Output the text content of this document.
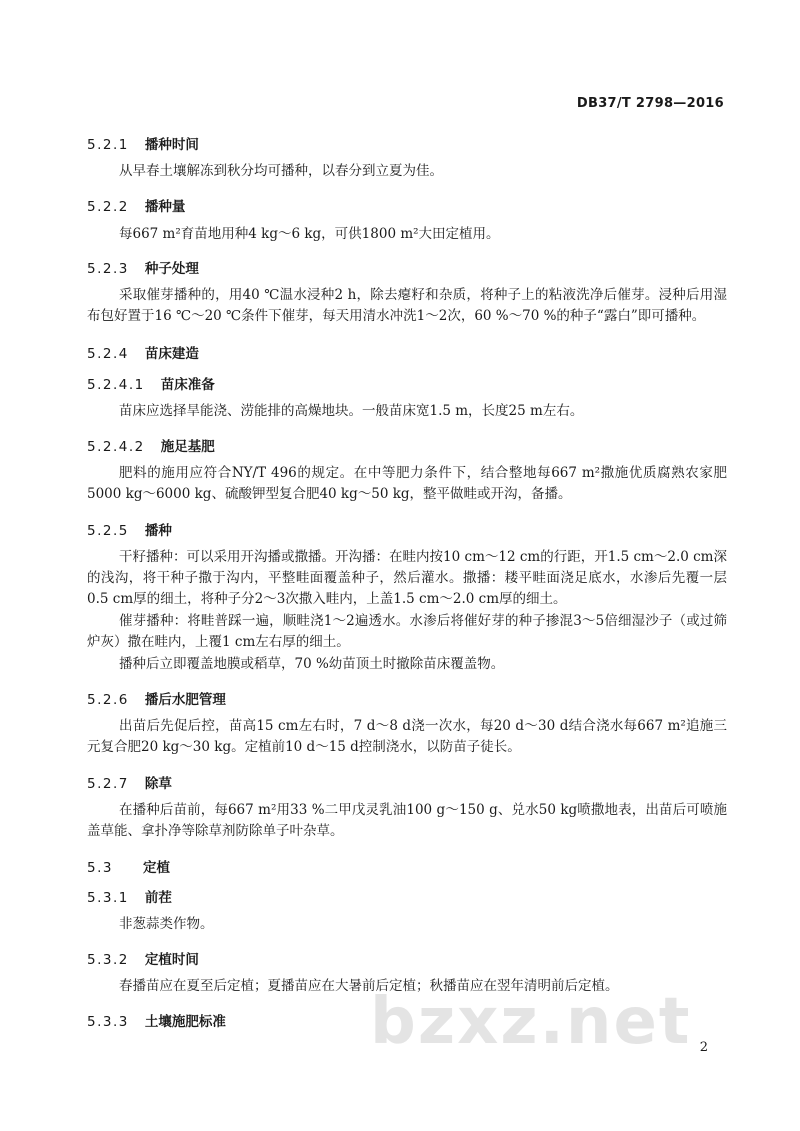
DB37/T 2798—2016
5.2.1 播种时间
从早春土壤解冻到秋分均可播种，以春分到立夏为佳。
5.2.2 播种量
每667 m²育苗地用种4 kg～6 kg，可供1800 m²大田定植用。
5.2.3 种子处理
采取催芽播种的，用40 ℃温水浸种2 h，除去瘪籽和杂质，将种子上的粘液洗净后催芽。浸种后用湿布包好置于16 ℃～20 ℃条件下催芽，每天用清水冲洗1～2次，60 %～70 %的种子“露白”即可播种。
5.2.4 苗床建造
5.2.4.1 苗床准备
苗床应选择旱能浇、涝能排的高燥地块。一般苗床宽1.5 m，长度25 m左右。
5.2.4.2 施足基肥
肥料的施用应符合NY/T 496的规定。在中等肥力条件下，结合整地每667 m²撒施优质腐熟农家肥5000 kg～6000 kg、硫酸钾型复合肥40 kg～50 kg，整平做畦或开沟，备播。
5.2.5 播种
干籽播种：可以采用开沟播或撒播。开沟播：在畦内按10 cm～12 cm的行距，开1.5 cm～2.0 cm深的浅沟，将干种子撒于沟内，平整畦面覆盖种子，然后灌水。撒播：耧平畦面浇足底水，水渗后先覆一层0.5 cm厚的细土，将种子分2～3次撒入畦内，上盖1.5 cm～2.0 cm厚的细土。
催芽播种：将畦普踩一遍，顺畦浇1～2遍透水。水渗后将催好芽的种子掺混3～5倍细湿沙子（或过筛炉灰）撒在畦内，上覆1 cm左右厚的细土。
播种后立即覆盖地膜或稻草，70 %幼苗顶土时撤除苗床覆盖物。
5.2.6 播后水肥管理
出苗后先促后控，苗高15 cm左右时，7 d～8 d浇一次水，每20 d～30 d结合浇水每667 m²追施三元复合肥20 kg～30 kg。定植前10 d～15 d控制浇水，以防苗子徒长。
5.2.7 除草
在播种后苗前，每667 m²用33 %二甲戊灵乳油100 g～150 g、兑水50 kg喷撒地表，出苗后可喷施盖草能、拿扑净等除草剂防除单子叶杂草。
5.3 定植
5.3.1 前茬
非葱蒜类作物。
5.3.2 定植时间
春播苗应在夏至后定植；夏播苗应在大暑前后定植；秋播苗应在翌年清明前后定植。
5.3.3 土壤施肥标准 bzxz.net 2
